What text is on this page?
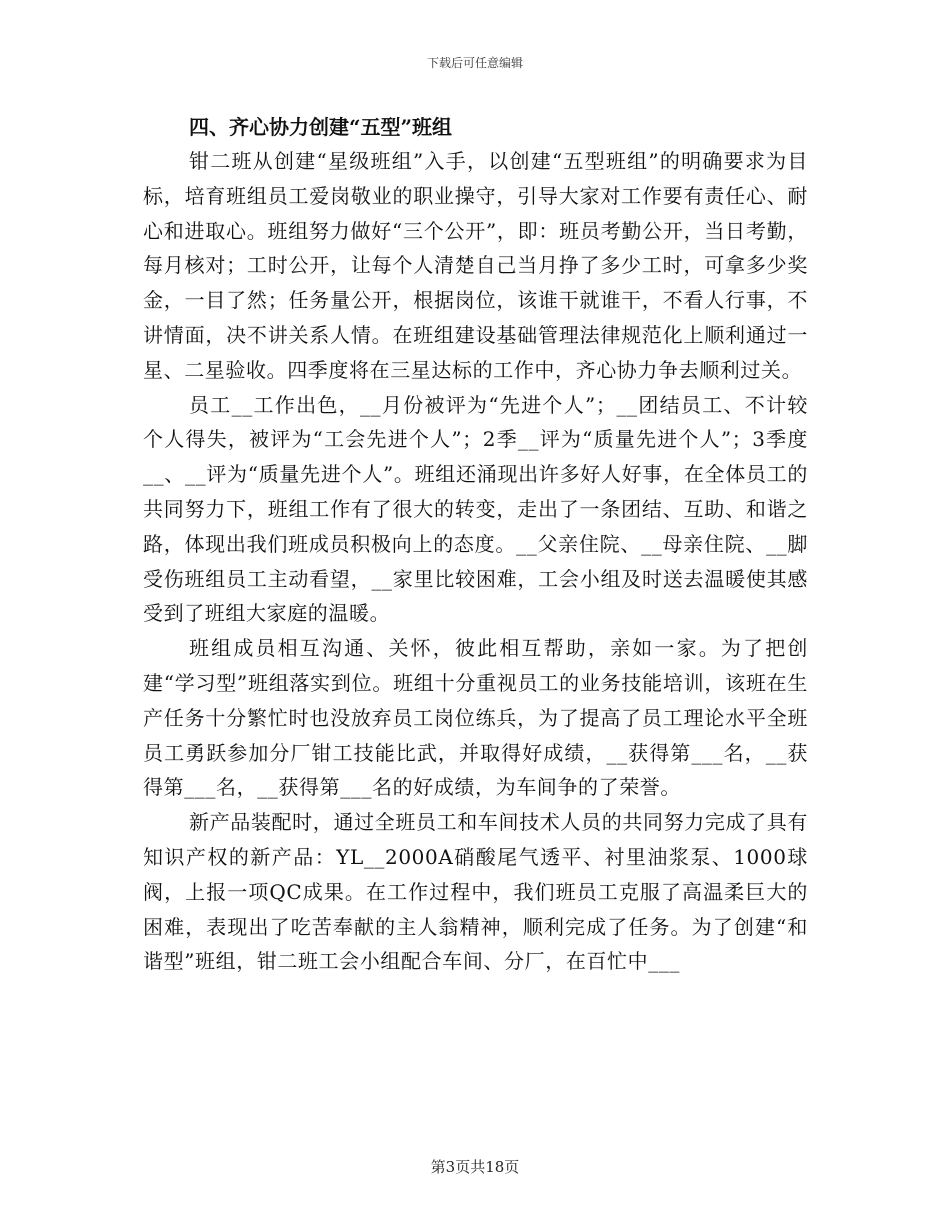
下载后可任意编辑

四、齐心协力创建“五型”班组

钳二班从创建“星级班组”入手，以创建“五型班组”的明确要求为目标，培育班组员工爱岗敬业的职业操守，引导大家对工作要有责任心、耐心和进取心。班组努力做好“三个公开”，即：班员考勤公开，当日考勤，每月核对；工时公开，让每个人清楚自己当月挣了多少工时，可拿多少奖金，一目了然；任务量公开，根据岗位，该谁干就谁干，不看人行事，不讲情面，决不讲关系人情。在班组建设基础管理法律规范化上顺利通过一星、二星验收。四季度将在三星达标的工作中，齐心协力争去顺利过关。

员工__工作出色，__月份被评为“先进个人”；__团结员工、不计较个人得失，被评为“工会先进个人”；2季__评为“质量先进个人”；3季度__、__评为“质量先进个人”。班组还涌现出许多好人好事，在全体员工的共同努力下，班组工作有了很大的转变，走出了一条团结、互助、和谐之路，体现出我们班成员积极向上的态度。__父亲住院、__母亲住院、__脚受伤班组员工主动看望，__家里比较困难，工会小组及时送去温暖使其感受到了班组大家庭的温暖。

班组成员相互沟通、关怀，彼此相互帮助，亲如一家。为了把创建“学习型”班组落实到位。班组十分重视员工的业务技能培训，该班在生产任务十分繁忙时也没放弃员工岗位练兵，为了提高了员工理论水平全班员工勇跃参加分厂钳工技能比武，并取得好成绩，__获得第___名，__获得第___名，__获得第___名的好成绩，为车间争的了荣誉。

新产品装配时，通过全班员工和车间技术人员的共同努力完成了具有知识产权的新产品：YL__2000A硝酸尾气透平、衬里油浆泵、1000球阀，上报一项QC成果。在工作过程中，我们班员工克服了高温柔巨大的困难，表现出了吃苦奉献的主人翁精神，顺利完成了任务。为了创建“和谐型”班组，钳二班工会小组配合车间、分厂，在百忙中___

第3页共18页
